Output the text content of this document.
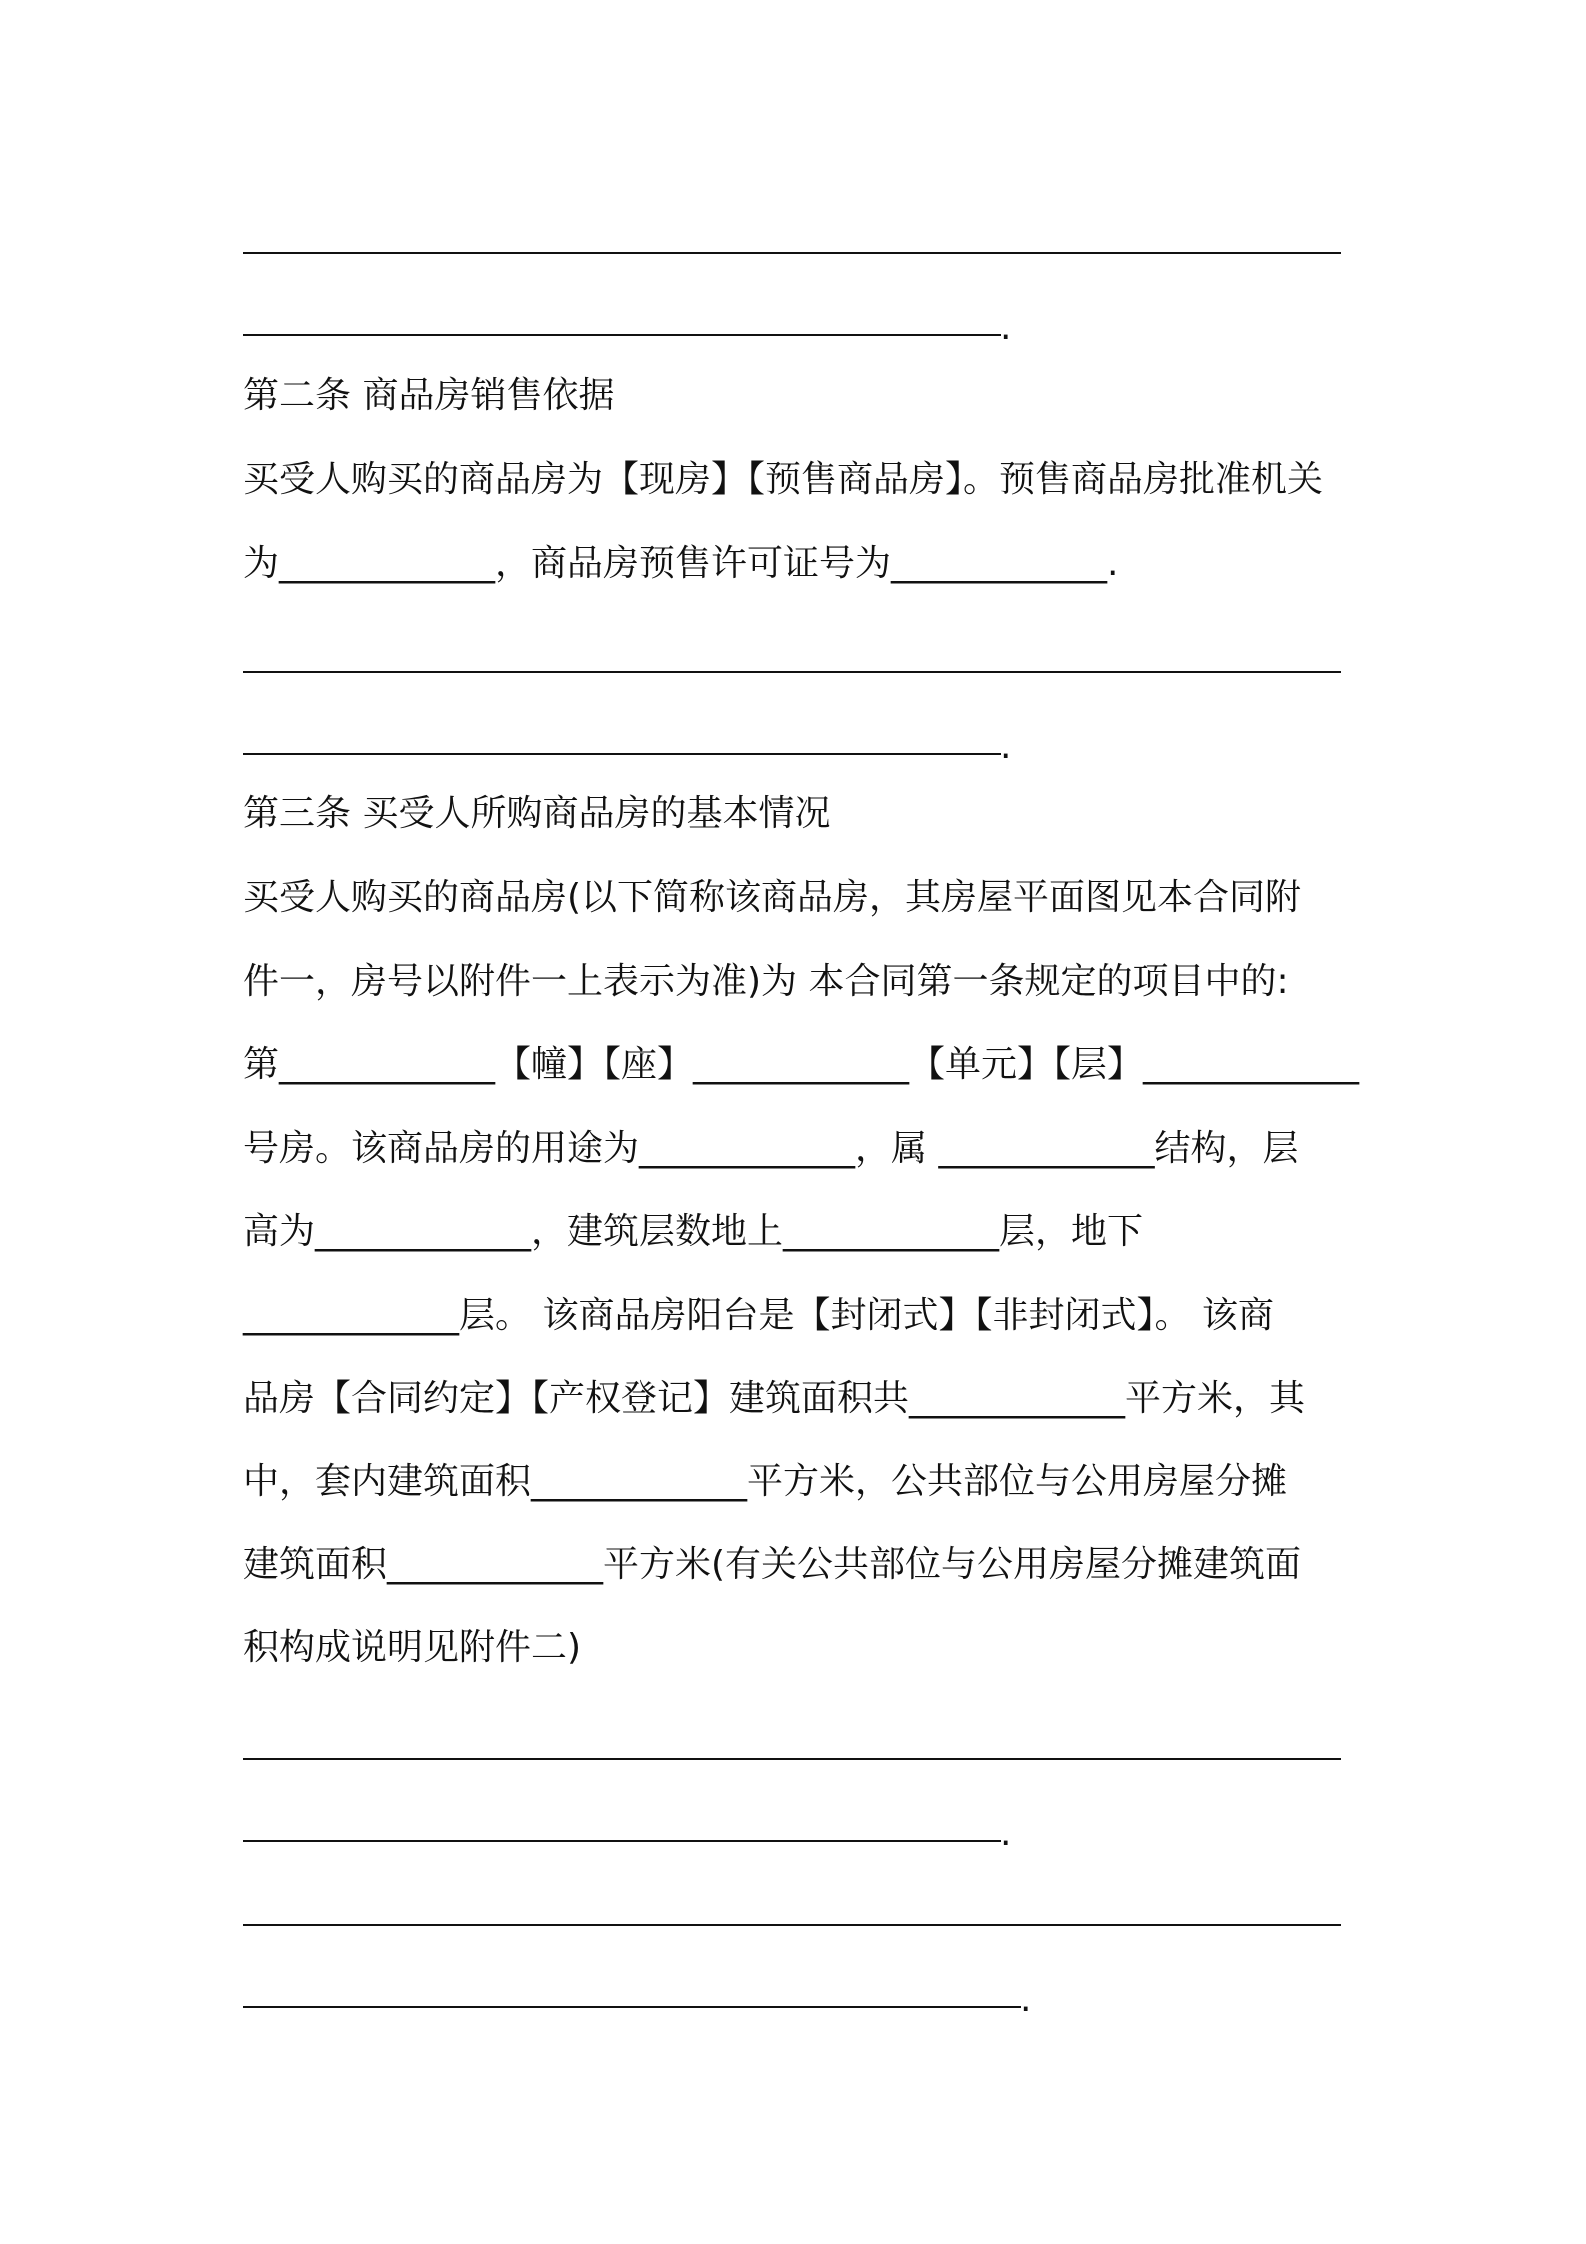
.
第二条 商品房销售依据
买受人购买的商品房为【现房】【预售商品房】。预售商品房批准机关
为____________，商品房预售许可证号为____________.
.
第三条 买受人所购商品房的基本情况
买受人购买的商品房(以下简称该商品房，其房屋平面图见本合同附
件一，房号以附件一上表示为准)为 本合同第一条规定的项目中的:
第____________【幢】【座】____________【单元】【层】____________
号房。该商品房的用途为____________，属 ____________结构，层
高为____________，建筑层数地上____________层，地下
____________层。 该商品房阳台是【封闭式】【非封闭式】。 该商
品房【合同约定】【产权登记】建筑面积共____________平方米，其
中，套内建筑面积____________平方米，公共部位与公用房屋分摊
建筑面积____________平方米(有关公共部位与公用房屋分摊建筑面
积构成说明见附件二)
.
.
